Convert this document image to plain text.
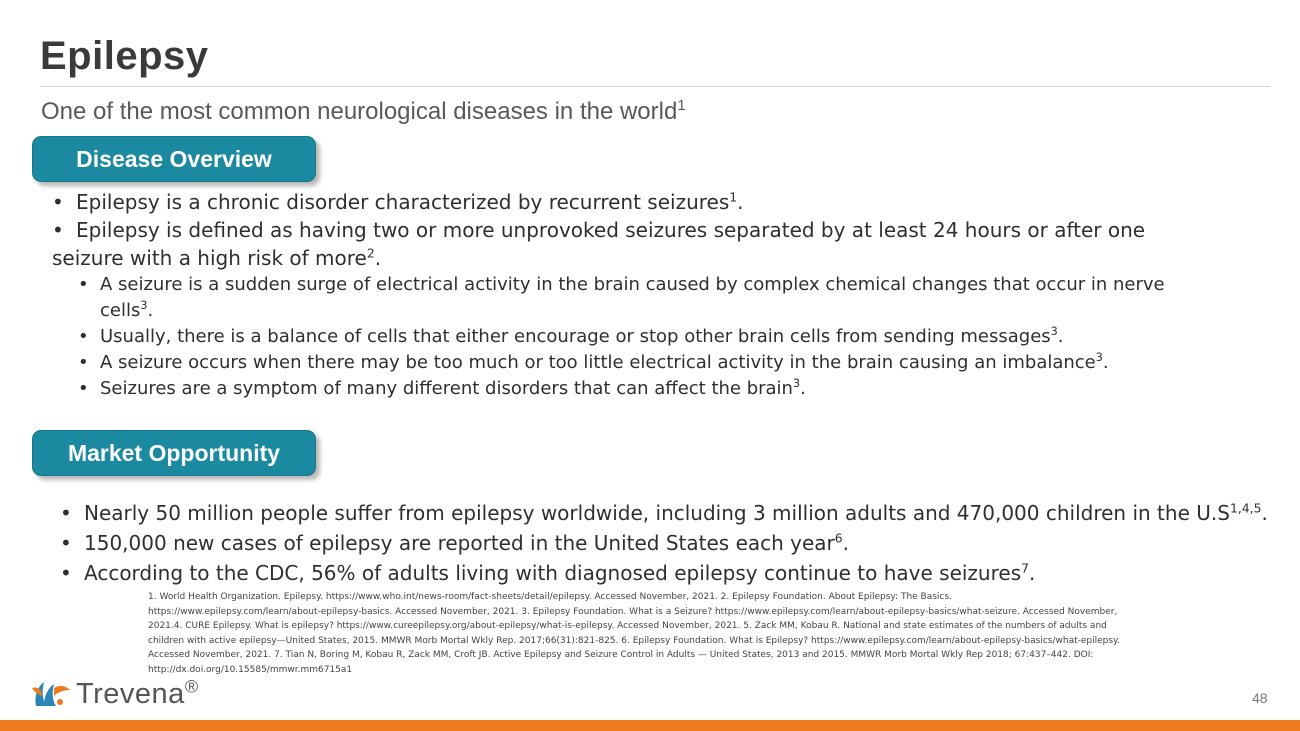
Epilepsy
One of the most common neurological diseases in the world$^1$
Disease Overview
• Epilepsy is a chronic disorder characterized by recurrent seizures$^1$.
• Epilepsy is defined as having two or more unprovoked seizures separated by at least 24 hours or after one
seizure with a high risk of more$^2$.
• A seizure is a sudden surge of electrical activity in the brain caused by complex chemical changes that occur in nerve
cells$^3$.
• Usually, there is a balance of cells that either encourage or stop other brain cells from sending messages$^3$.
• A seizure occurs when there may be too much or too little electrical activity in the brain causing an imbalance$^3$.
• Seizures are a symptom of many different disorders that can affect the brain$^3$.
Market Opportunity
• Nearly 50 million people suffer from epilepsy worldwide, including 3 million adults and 470,000 children in the $U.S^{1,4,5}$.
• 150,000 new cases of epilepsy are reported in the United States each year$^6$.
• According to the CDC, 56% of adults living with diagnosed epilepsy continue to have seizures$^7$.
1. World Health Organization. Epilepsy. https://www.who.int/news-room/fact-sheets/detail/epilepsy. Accessed November, 2021. 2. Epilepsy Foundation. About Epilepsy: The Basics.
https://www.epilepsy.com/learn/about-epilepsy-basics. Accessed November, 2021. 3. Epilepsy Foundation. What is a Seizure? https://www.epilepsy.com/learn/about-epilepsy-basics/what-seizure. Accessed November,
2021.4. CURE Epilepsy. What is epilepsy? https://www.cureepilepsy.org/about-epilepsy/what-is-epilepsy. Accessed November, 2021. 5. Zack MM, Kobau R. National and state estimates of the numbers of adults and
children with active epilepsy—United States, 2015. MMWR Morb Mortal Wkly Rep. 2017;66(31):821-825. 6. Epilepsy Foundation. What is Epilepsy? https://www.epilepsy.com/learn/about-epilepsy-basics/what-epilepsy.
Accessed November, 2021. 7. Tian N, Boring M, Kobau R, Zack MM, Croft JB. Active Epilepsy and Seizure Control in Adults — United States, 2013 and 2015. MMWR Morb Mortal Wkly Rep 2018; 67:437–442. DOI:
http://dx.doi.org/10.15585/mmwr.mm6715a1
Trevena®
48
